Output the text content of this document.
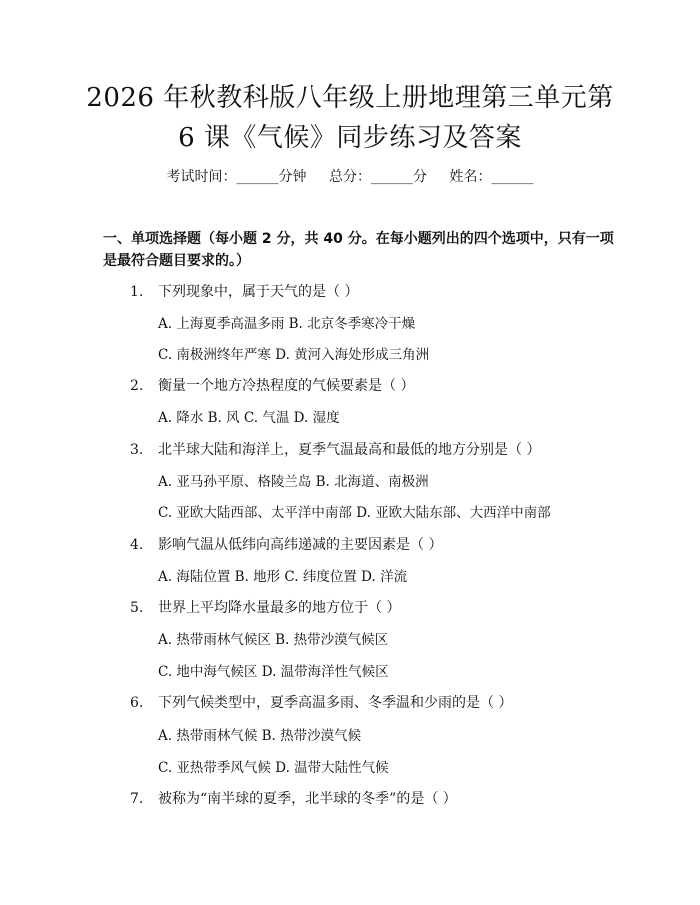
2026 年秋教科版八年级上册地理第三单元第
6 课《气候》同步练习及答案
考试时间：______分钟 总分：______分 姓名：______
一、单项选择题（每小题 2 分，共 40 分。在每小题列出的四个选项中，只有一项
是最符合题目要求的。）
1. 下列现象中，属于天气的是（ ）
A. 上海夏季高温多雨 B. 北京冬季寒冷干燥
C. 南极洲终年严寒 D. 黄河入海处形成三角洲
2. 衡量一个地方冷热程度的气候要素是（ ）
A. 降水 B. 风 C. 气温 D. 湿度
3. 北半球大陆和海洋上，夏季气温最高和最低的地方分别是（ ）
A. 亚马孙平原、格陵兰岛 B. 北海道、南极洲
C. 亚欧大陆西部、太平洋中南部 D. 亚欧大陆东部、大西洋中南部
4. 影响气温从低纬向高纬递减的主要因素是（ ）
A. 海陆位置 B. 地形 C. 纬度位置 D. 洋流
5. 世界上平均降水量最多的地方位于（ ）
A. 热带雨林气候区 B. 热带沙漠气候区
C. 地中海气候区 D. 温带海洋性气候区
6. 下列气候类型中，夏季高温多雨、冬季温和少雨的是（ ）
A. 热带雨林气候 B. 热带沙漠气候
C. 亚热带季风气候 D. 温带大陆性气候
7. 被称为“南半球的夏季，北半球的冬季”的是（ ）
